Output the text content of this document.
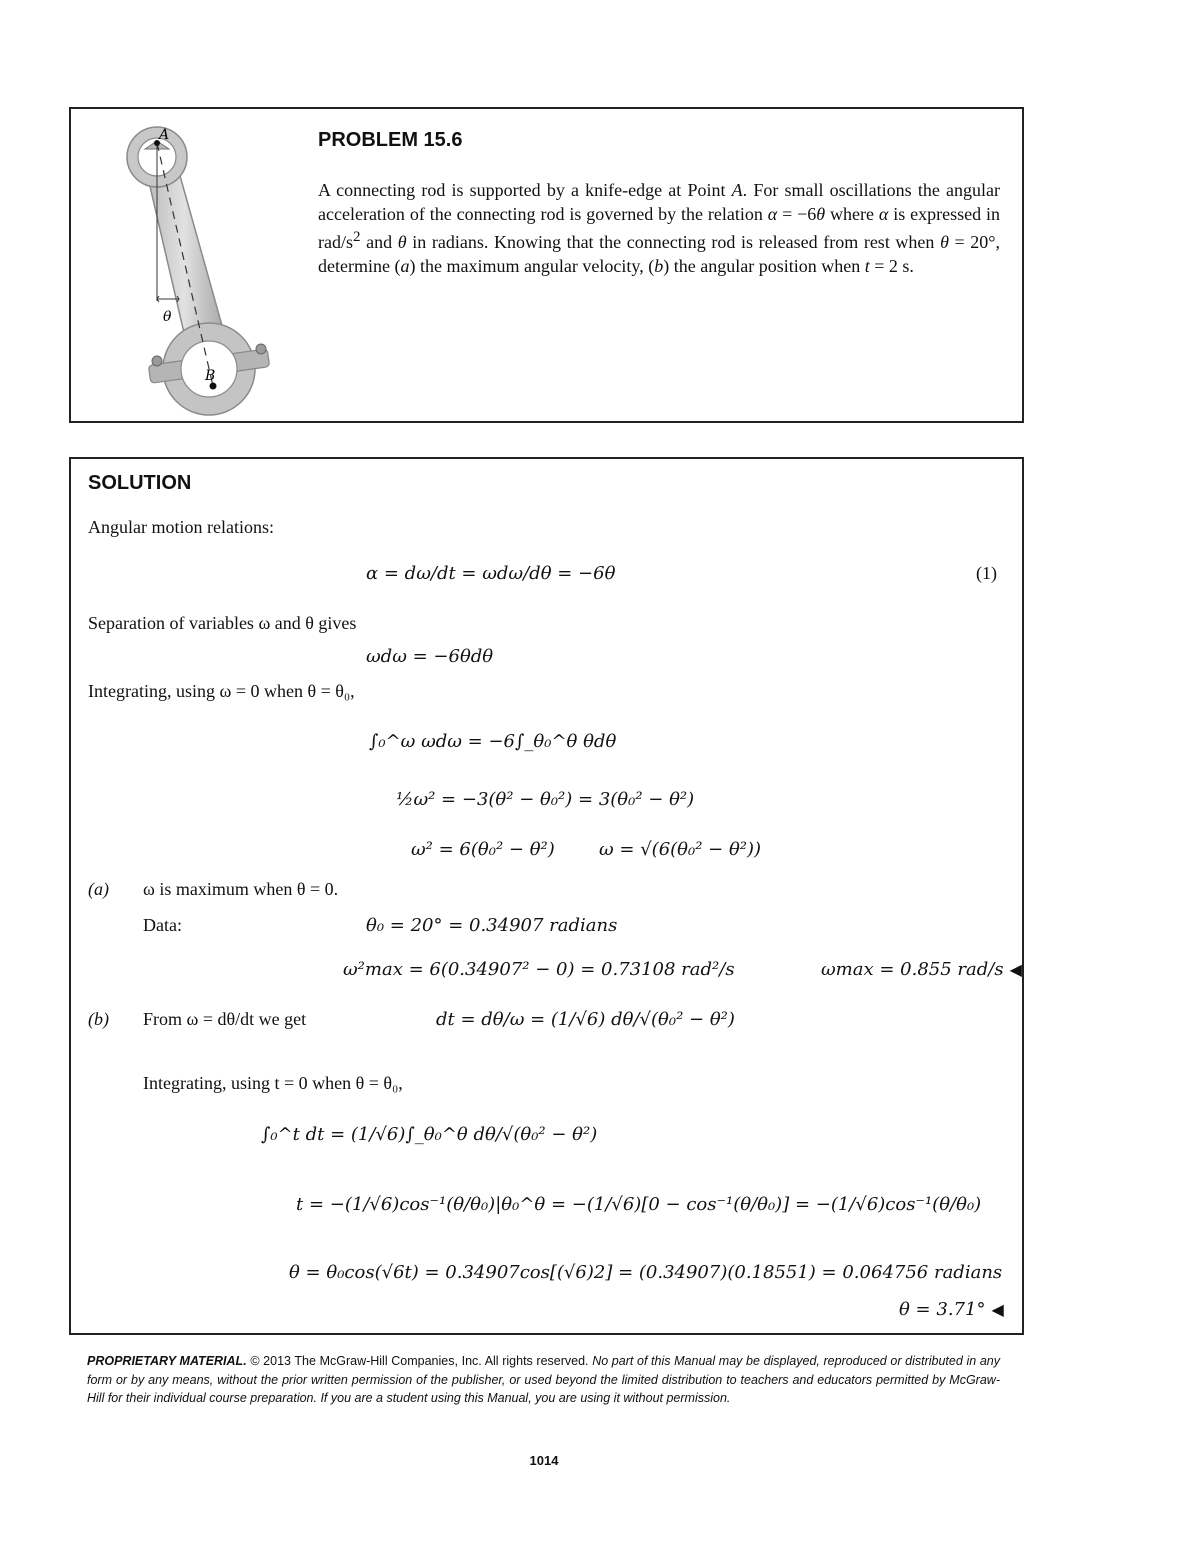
A
B
θ
PROBLEM 15.6
A connecting rod is supported by a knife-edge at Point A. For small oscillations the angular acceleration of the connecting rod is governed by the relation α = −6θ where α is expressed in rad/$s^2$ and θ in radians. Knowing that the connecting rod is released from rest when θ = 20°, determine (a) the maximum angular velocity, (b) the angular position when t = 2 s.
SOLUTION
Angular motion relations:
α = dω/dt = ωdω/dθ = −6θ	(1)
Separation of variables ω and θ gives
ωdω = −6θdθ
Integrating, using ω = 0 when θ = θ₀,
∫₀^ω ωdω = −6∫_θ₀^θ θdθ
½ω² = −3(θ² − θ₀²) = 3(θ₀² − θ²)
ω² = 6(θ₀² − θ²) ω = √(6(θ₀² − θ²))
(a) ω is maximum when θ = 0.
Data:	θ₀ = 20° = 0.34907 radians
ω²max = 6(0.34907² − 0) = 0.73108 rad²/s	ωmax = 0.855 rad/s ◀
(b) From ω = dθ/dt we get	dt = dθ/ω = (1/√6) dθ/√(θ₀² − θ²)
Integrating, using t = 0 when θ = θ₀,
∫₀^t dt = (1/√6)∫_θ₀^θ dθ/√(θ₀² − θ²)
t = −(1/√6)cos⁻¹(θ/θ₀)|θ₀^θ = −(1/√6)[0 − cos⁻¹(θ/θ₀)] = −(1/√6)cos⁻¹(θ/θ₀)
θ = θ₀cos(√6t) = 0.34907cos[(√6)2] = (0.34907)(0.18551) = 0.064756 radians
θ = 3.71° ◀
PROPRIETARY MATERIAL. © 2013 The McGraw-Hill Companies, Inc. All rights reserved. No part of this Manual may be displayed, reproduced or distributed in any form or by any means, without the prior written permission of the publisher, or used beyond the limited distribution to teachers and educators permitted by McGraw-Hill for their individual course preparation. If you are a student using this Manual, you are using it without permission.
1014
